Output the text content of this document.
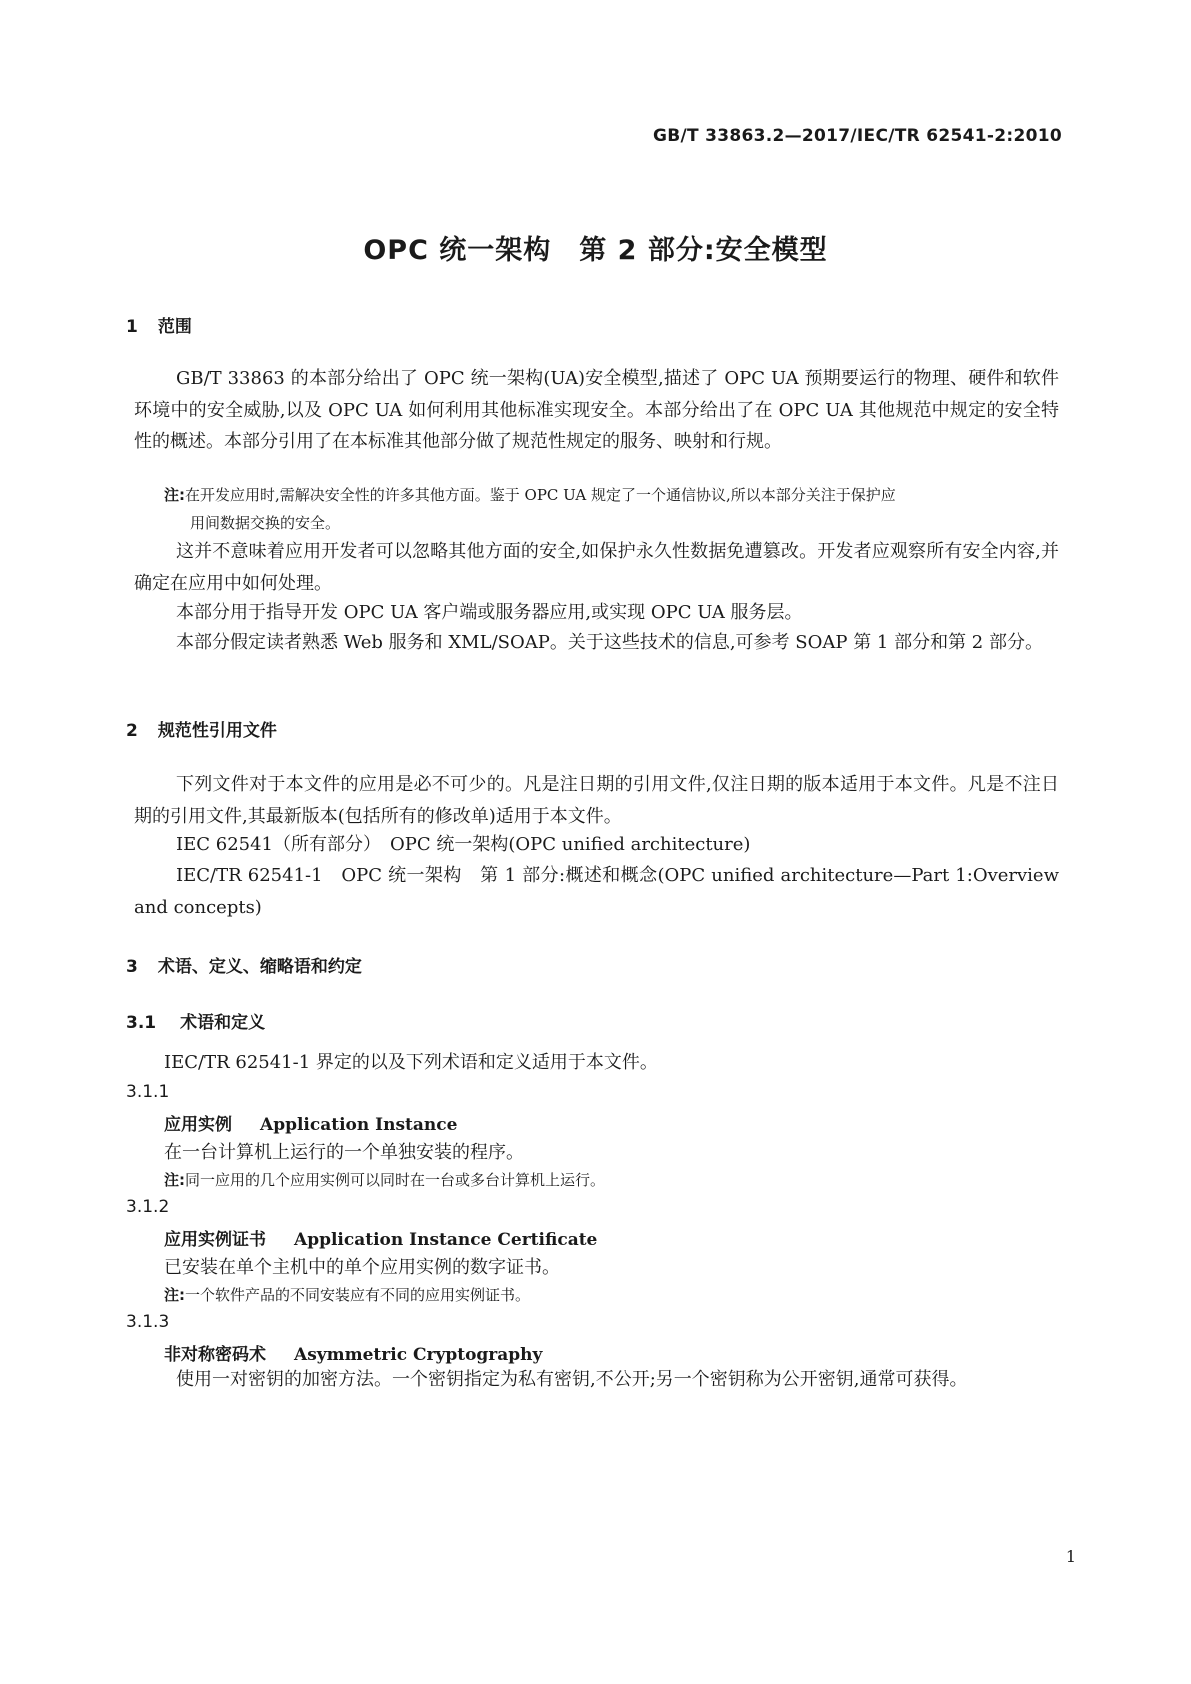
GB/T 33863.2—2017/IEC/TR 62541-2:2010
OPC 统一架构　第 2 部分:安全模型
1 范围
GB/T 33863 的本部分给出了 OPC 统一架构(UA)安全模型,描述了 OPC UA 预期要运行的物理、硬件和软件环境中的安全威胁,以及 OPC UA 如何利用其他标准实现安全。本部分给出了在 OPC UA 其他规范中规定的安全特性的概述。本部分引用了在本标准其他部分做了规范性规定的服务、映射和行规。
注:在开发应用时,需解决安全性的许多其他方面。鉴于 OPC UA 规定了一个通信协议,所以本部分关注于保护应
用间数据交换的安全。
这并不意味着应用开发者可以忽略其他方面的安全,如保护永久性数据免遭篡改。开发者应观察所有安全内容,并确定在应用中如何处理。
本部分用于指导开发 OPC UA 客户端或服务器应用,或实现 OPC UA 服务层。
本部分假定读者熟悉 Web 服务和 XML/SOAP。关于这些技术的信息,可参考 SOAP 第 1 部分和第 2 部分。
2 规范性引用文件
下列文件对于本文件的应用是必不可少的。凡是注日期的引用文件,仅注日期的版本适用于本文件。凡是不注日期的引用文件,其最新版本(包括所有的修改单)适用于本文件。
IEC 62541（所有部分）　OPC 统一架构(OPC unified architecture)
IEC/TR 62541-1　OPC 统一架构　第 1 部分:概述和概念(OPC unified architecture—Part 1:Overview and concepts)
3 术语、定义、缩略语和约定
3.1 术语和定义
IEC/TR 62541-1 界定的以及下列术语和定义适用于本文件。
3.1.1
应用实例 Application Instance
在一台计算机上运行的一个单独安装的程序。
注:同一应用的几个应用实例可以同时在一台或多台计算机上运行。
3.1.2
应用实例证书 Application Instance Certificate
已安装在单个主机中的单个应用实例的数字证书。
注:一个软件产品的不同安装应有不同的应用实例证书。
3.1.3
非对称密码术 Asymmetric Cryptography
使用一对密钥的加密方法。一个密钥指定为私有密钥,不公开;另一个密钥称为公开密钥,通常可获得。
1
